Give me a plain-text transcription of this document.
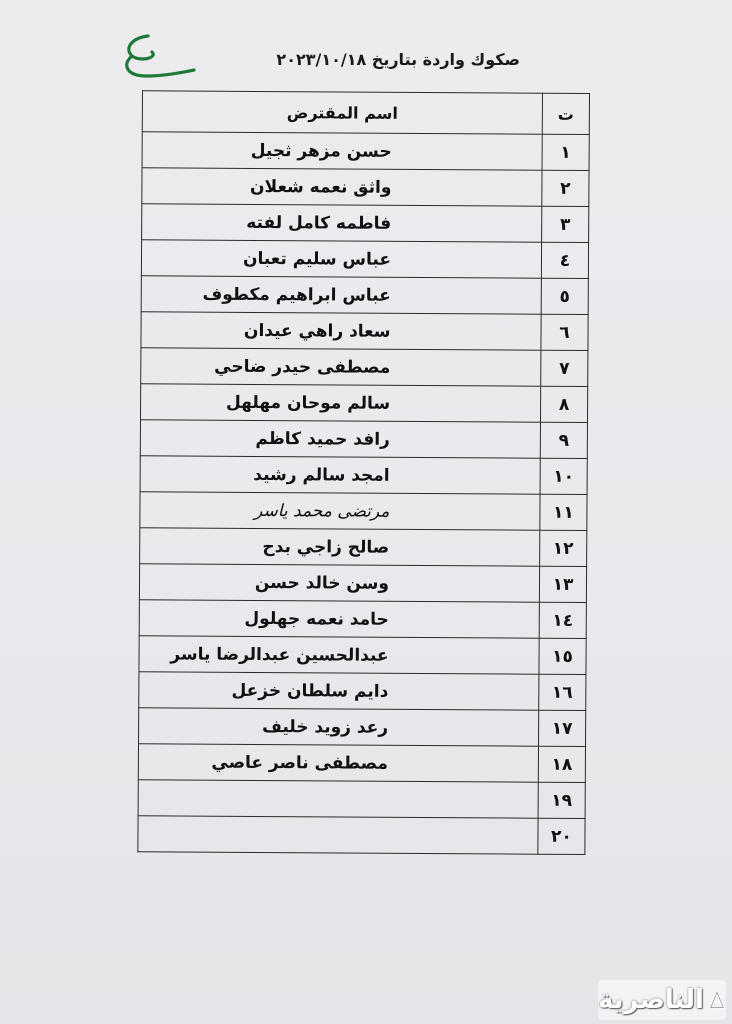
صكوك واردة بتاريخ ٢٠٢٣/١٠/١٨
ت	اسم المقترض
١	حسن مزهر ثجيل
٢	واثق نعمه شعلان
٣	فاطمه كامل لفته
٤	عباس سليم تعبان
٥	عباس ابراهيم مكطوف
٦	سعاد راهي عيدان
٧	مصطفى حيدر ضاحي
٨	سالم موحان مهلهل
٩	رافد حميد كاظم
١٠	امجد سالم رشيد
١١	مرتضى محمد ياسر
١٢	صالح زاجي بدح
١٣	وسن خالد حسن
١٤	حامد نعمه جهلول
١٥	عبدالحسين عبدالرضا ياسر
١٦	دايم سلطان خزعل
١٧	رعد زويد خليف
١٨	مصطفى ناصر عاصي
١٩	
٢٠	
الناصرية
